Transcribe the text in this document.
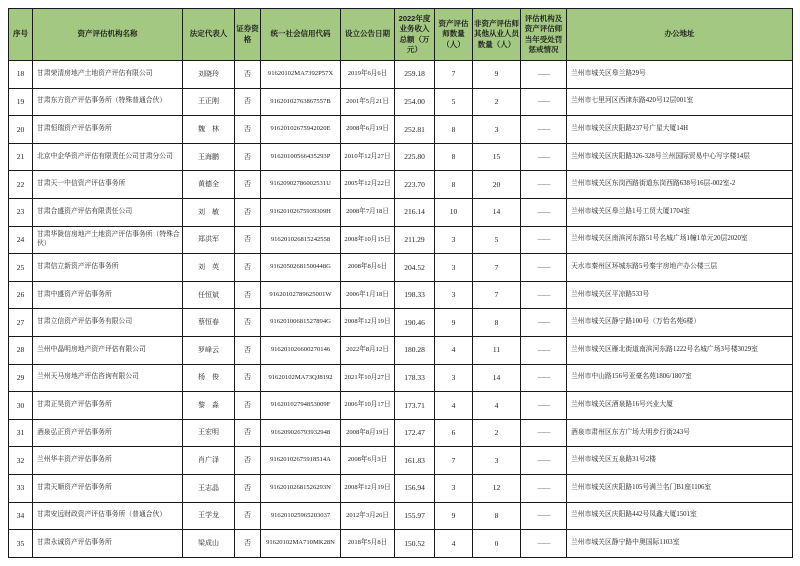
序号	资产评估机构名称	法定代表人	证券资格	统一社会信用代码	设立公告日期	2022年度业务收入总额（万元）	资产评估师数量（人）	非资产评估师其他从业人员数量（人）	评估机构及资产评估师当年受处罚惩戒情况	办公地址
18	甘肃荣清房地产土地资产评估有限公司	刘晓玲	否	91620102MA7392P57X	2019年6月6日	259.18	7	9	——	兰州市城关区皋兰路29号
19	甘肃东方资产评估事务所（特殊普通合伙）	王正刚	否	91620102763867557B	2001年5月21日	254.00	5	2	——	兰州市七里河区西津东路420号12层001室
20	甘肃恒瑞资产评估事务所	魏　林	否	91620102675942020E	2008年6月19日	252.81	8	3	——	兰州市城关区庆阳路237号广星大厦14H
21	北京中企华资产评估有限责任公司甘肃分公司	王海鹏	否	91620100566435293P	2010年12月27日	225.80	8	15	——	兰州市城关区庆阳路326-328号兰州国际贸易中心写字楼14层
22	甘肃天一中信资产评估事务所	黄德全	否	91620902786002531U	2005年12月22日	223.70	8	20	——	兰州市城关区东岗西路街道东岗西路638号16层-002室-2
23	甘肃合盛资产评估有限责任公司	刘　敏	否	91620102675939309H	2008年7月18日	216.14	10	14	——	兰州市城关区皋兰路1号工贸大厦1704室
24	甘肃华陇信房地产土地资产评估事务所（特殊合伙）	郑洪军	否	916201026815242558	2008年10月15日	211.29	3	5	——	兰州市城关区南滨河东路51号名城广场1幢1单元20层2020室
25	甘肃信立新资产评估事务所	刘　英	否	91620502681500448G	2008年8月6日	204.52	3	7	——	天水市秦州区环城东路5号秦宇房地产办公楼三层
26	甘肃中盛资产评估事务所	任恒斌	否	91620102789625001W	2006年1月18日	198.33	3	7	——	兰州市城关区平凉路533号
27	甘肃立信资产评估事务有限公司	蔡恒春	否	91620100681527894G	2008年12月19日	190.46	9	8	——	兰州市城关区静宁路100号（万怡名苑6楼）
28	兰州中晶明房地产资产评估有限公司	罗峰云	否	916201026600270146	2022年8月12日	180.28	4	11	——	兰州市城关区雁北街道南滨河东路1222号名城广场3号楼3029室
29	兰州天马房地产评估咨询有限公司	杨　俊	否	91620102MA73QJ8192	2021年10月27日	178.33	3	14	——	兰州市中山路156号亚豪名苑1806/1807室
30	甘肃正昊资产评估事务所	黎　淼	否	91620102794853009F	2006年10月17日	173.71	4	4	——	兰州市城关区酒泉路16号兴业大厦
31	酒泉弘正资产评估事务所	王宏明	否	916209026793932948	2008年8月19日	172.47	6	2	——	酒泉市肃州区东方广场大明步行街243号
32	兰州华丰资产评估事务所	肖广泽	否	91620102675918514A	2008年6月3日	161.83	7	3	——	兰州市城关区五泉路31号2楼
33	甘肃天顺资产评估事务所	王志晶	否	91620102681526293N	2008年12月19日	156.94	3	12	——	兰州市城关区庆阳路105号满兰名门B1座1106室
34	甘肃安远财政资产评估事务所（普通合伙）	王学龙	否	916201025965203037	2012年3月26日	155.97	9	8	——	兰州市城关区庆阳路442号凤鑫大厦1501室
35	甘肃永诚资产评估事务所	梁成山	否	91620102MA710MK28N	2018年5月8日	150.52	4	0	——	兰州市城关区静宁路中奥国际1103室
